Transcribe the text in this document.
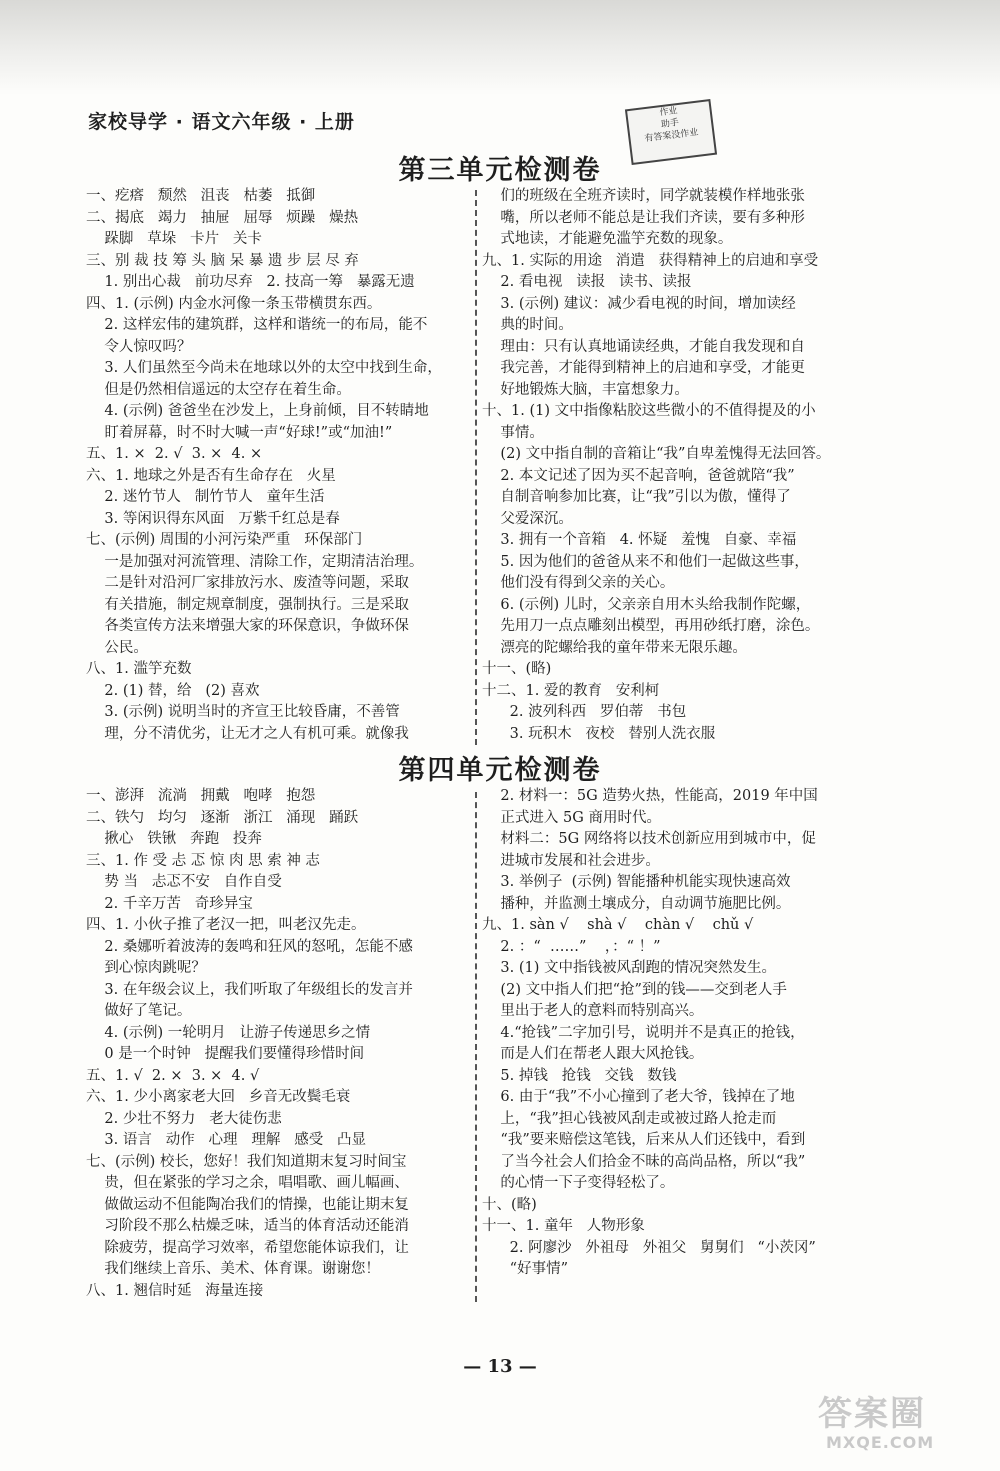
家校导学 · 语文六年级 · 上册	作业
助手
有答案没作业
第三单元检测卷
一、疙瘩   颓然   沮丧   枯萎   抵御
二、揭底   竭力   抽屉   屈辱   烦躁   燥热
跺脚   草垛   卡片   关卡
三、别 裁 技 筹 头 脑 呆 暴 遗 步 层 尽 弃
1. 别出心裁   前功尽弃   2. 技高一筹   暴露无遗
四、1. (示例) 内金水河像一条玉带横贯东西。
2. 这样宏伟的建筑群，这样和谐统一的布局，能不
令人惊叹吗？
3. 人们虽然至今尚未在地球以外的太空中找到生命，
但是仍然相信遥远的太空存在着生命。
4. (示例) 爸爸坐在沙发上，上身前倾，目不转睛地
盯着屏幕，时不时大喊一声“好球!”或“加油!”
五、1. ×  2. √  3. ×  4. ×
六、1. 地球之外是否有生命存在   火星
2. 迷竹节人   制竹节人   童年生活
3. 等闲识得东风面   万紫千红总是春
七、(示例) 周围的小河污染严重   环保部门
一是加强对河流管理、清除工作，定期清洁治理。
二是针对沿河厂家排放污水、废渣等问题，采取
有关措施，制定规章制度，强制执行。三是采取
各类宣传方法来增强大家的环保意识，争做环保
公民。
八、1. 滥竽充数
2. (1) 替，给   (2) 喜欢
3. (示例) 说明当时的齐宣王比较昏庸，不善管
理，分不清优劣，让无才之人有机可乘。就像我
们的班级在全班齐读时，同学就装模作样地张张
嘴，所以老师不能总是让我们齐读，要有多种形
式地读，才能避免滥竽充数的现象。
九、1. 实际的用途   消遣   获得精神上的启迪和享受
2. 看电视   读报   读书、读报
3. (示例) 建议：减少看电视的时间，增加读经
典的时间。
理由：只有认真地诵读经典，才能自我发现和自
我完善，才能得到精神上的启迪和享受，才能更
好地锻炼大脑，丰富想象力。
十、1. (1) 文中指像粘胶这些微小的不值得提及的小
事情。
(2) 文中指自制的音箱让“我”自卑羞愧得无法回答。
2. 本文记述了因为买不起音响，爸爸就陪“我”
自制音响参加比赛，让“我”引以为傲，懂得了
父爱深沉。
3. 拥有一个音箱   4. 怀疑   羞愧   自豪、幸福
5. 因为他们的爸爸从来不和他们一起做这些事，
他们没有得到父亲的关心。
6. (示例) 儿时，父亲亲自用木头给我制作陀螺，
先用刀一点点雕刻出模型，再用砂纸打磨，涂色。
漂亮的陀螺给我的童年带来无限乐趣。
十一、(略)
十二、1. 爱的教育   安利柯
2. 波列科西   罗伯蒂   书包
3. 玩积木   夜校   替别人洗衣服
第四单元检测卷
一、澎湃   流淌   拥戴   咆哮   抱怨
二、铁勺   均匀   逐渐   浙江   涌现   踊跃
揪心   铁锹   奔跑   投奔
三、1. 作 受 忐 忑 惊 肉 思 索 神 志
势 当   忐忑不安   自作自受
2. 千辛万苦   奇珍异宝
四、1. 小伙子推了老汉一把，叫老汉先走。
2. 桑娜听着波涛的轰鸣和狂风的怒吼，怎能不感
到心惊肉跳呢？
3. 在年级会议上，我们听取了年级组长的发言并
做好了笔记。
4. (示例) 一轮明月   让游子传递思乡之情
0 是一个时钟   提醒我们要懂得珍惜时间
五、1. √  2. ×  3. ×  4. √
六、1. 少小离家老大回   乡音无改鬓毛衰
2. 少壮不努力   老大徒伤悲
3. 语言   动作   心理   理解   感受   凸显
七、(示例) 校长，您好！我们知道期末复习时间宝
贵，但在紧张的学习之余，唱唱歌、画儿幅画、
做做运动不但能陶冶我们的情操，也能让期末复
习阶段不那么枯燥乏味，适当的体育活动还能消
除疲劳，提高学习效率，希望您能体谅我们，让
我们继续上音乐、美术、体育课。谢谢您！
八、1. 翘信时延   海量连接
2. 材料一：5G 造势火热，性能高，2019 年中国
正式进入 5G 商用时代。
材料二：5G 网络将以技术创新应用到城市中，促
进城市发展和社会进步。
3. 举例子  (示例) 智能播种机能实现快速高效
播种，并监测土壤成分，自动调节施肥比例。
九、1. sàn √    shà √    chàn √    chǔ √
2. ：“  ……”    ，：“ ！”
3. (1) 文中指钱被风刮跑的情况突然发生。
(2) 文中指人们把“抢”到的钱——交到老人手
里出于老人的意料而特别高兴。
4.“抢钱”二字加引号，说明并不是真正的抢钱，
而是人们在帮老人跟大风抢钱。
5. 掉钱   抢钱   交钱   数钱
6. 由于“我”不小心撞到了老大爷，钱掉在了地
上，“我”担心钱被风刮走或被过路人抢走而
“我”要来赔偿这笔钱，后来从人们还钱中，看到
了当今社会人们拾金不昧的高尚品格，所以“我”
的心情一下子变得轻松了。
十、(略)
十一、1. 童年   人物形象
2. 阿廖沙   外祖母   外祖父   舅舅们   “小茨冈”
“好事情”
— 13 —
答案圈
MXQE.COM
